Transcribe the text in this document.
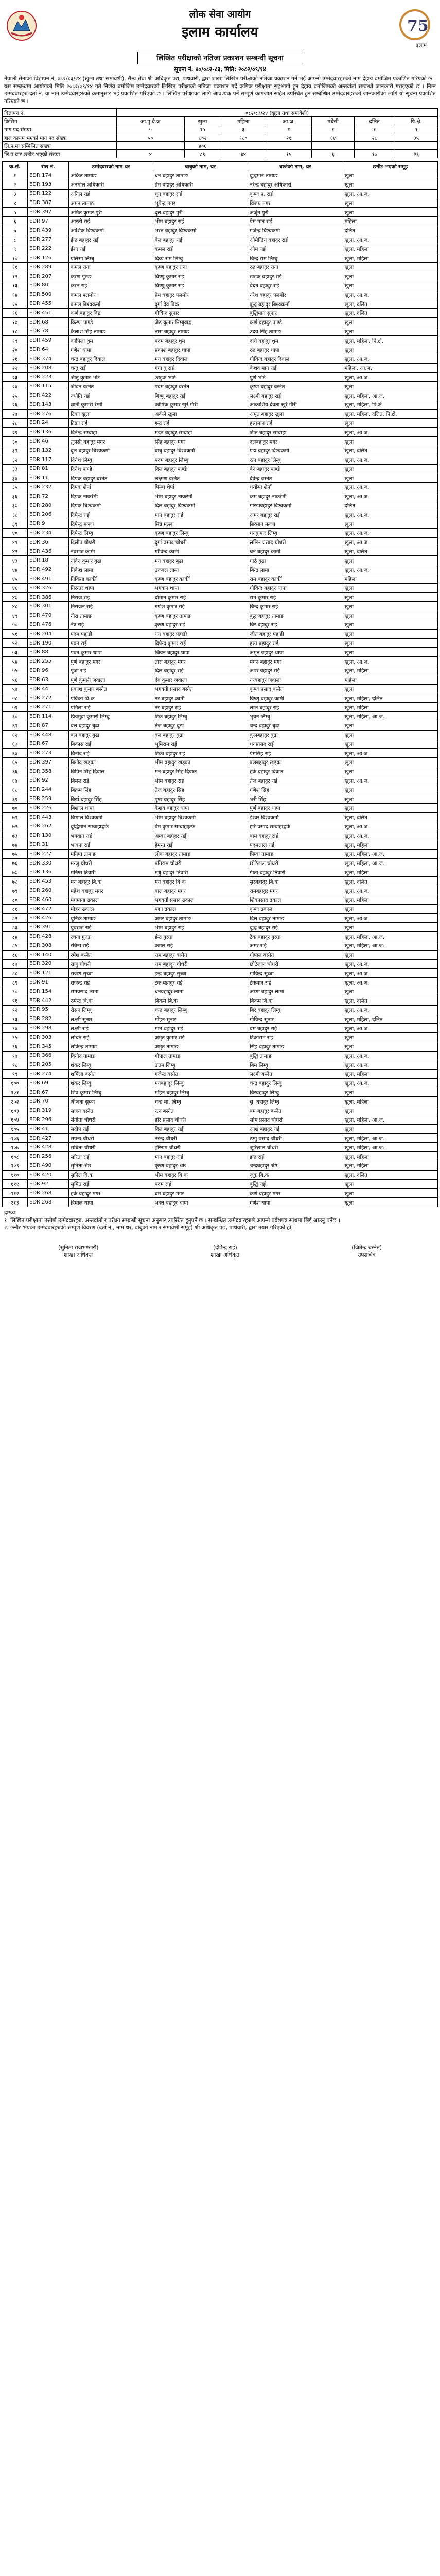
लोक सेवा आयोग
इलाम कार्यालय	75
इलाम
लिखित परीक्षाको नतिजा प्रकाशन सम्बन्धी सूचना
सूचना नं. ४०/०८२-८३, मिति: २०८२/०९/१४
नेपाली सेनाको विज्ञापन नं. ०८२/८३/२४ (खुला तथा समावेशी), सैन्य सेवा श्री अधिकृत पद्य, पाथवारी, द्वारा शाखा लिखित परीक्षाको नतिजा प्रकाशन गर्ने भई आफ्नो उम्मेदवारहरुको नाम देहाय बमोजिम प्रकाशित गरिएको छ । यस सम्बन्धमा आयोगको मिति २०८२/०९/१४ गते निर्णय बमोजिम उम्मेदवारको लिखित परीक्षाको नतिजा प्रकाशन गर्दै क्रमिक परीक्षामा सहभागी हुन देहाय बमोजिमको अन्तर्वार्ता सम्बन्धी जानकारी गराइएको छ । निम्न उम्मेदवारहरु दर्ता नं. वा नाम उम्मेदवारहरुको क्रमानुसार भई प्रकाशित गरिएको छ । लिखित परीक्षाका लागि आवश्यक पर्ने सम्पूर्ण कागजात सहित उपस्थित हुन सम्बन्धित उम्मेदवारहरुको जानकारीको लागि यो सूचना प्रकाशित गरिएको छ ।
विज्ञापन नं.	०८२/८३/२४ (खुला तथा समावेशी)						
किसिम	आ.पु.बै.ज	खुला	महिला	आ.ज.	मधेसी	दलित	पि.क्षे.
माग पद संख्या	५	१५	३	१	१	१	१
हाल कायम भएको माग पद संख्या	५०	८०२	१८०	२१	६४	२८	३५
लि.प.मा सम्मिलित संख्या		४०६					
लि.प.बाट छनौट भएको संख्या	४	८९	३४	१५	६	१०	२६
क्र.सं.	रोल नं.	उम्मेदवारको नाम थर	बाबुको नाम, थर	बाजेको नाम, थर	छनौट भएको समूह
१	EDR 174	अंकित तामाङ	धन बहादुर तामाङ	बुद्धमान तामाङ	खुला
२	EDR 193	अनमोल अधिकारी	प्रेम बहादुर अधिकारी	नरेन्द्र बहादुर अधिकारी	खुला
३	EDR 122	अनिल राई	चुन बहादुर राई	कृष्ण प्र. राई	खुला, आ.ज.
४	EDR 387	अमन तामाङ	भुपेन्द्र मगर	विजय मगर	खुला
५	EDR 397	अमित कुमार पुरी	दुल बहादुर पुरी	अर्जुन पुरी	खुला
६	EDR 97	आरती राई	भीम बहादुर राई	प्रेम मान राई	महिला
७	EDR 439	आशिक बिश्वकर्मा	भरत बहादुर बिश्वकर्मा	गजेन्द्र बिश्वकर्मा	दलित
८	EDR 277	ईन्द्र बहादुर राई	बेल बहादुर राई	ओमेन्द्रिय बहादुर राई	खुला, आ.ज.
९	EDR 222	ईशा राई	कमल राई	ओम राई	खुला, महिला
१०	EDR 126	एलिसा लिम्बु	दिव्य राम लिम्बु	बिन्द्र राम लिम्बु	खुला, महिला
११	EDR 289	कमल राना	कृष्ण बहादुर राना	रुद्र बहादुर राना	खुला
१२	EDR 207	करण गुरुङ	विष्णु कुमार राई	खडक बहादुर राई	खुला
१३	EDR 80	करन राई	विष्णु कुमार राई	बेदन बहादुर राई	खुला
१४	EDR 500	कमल फ्लमोर	प्रेम बहादुर फ्लमोर	नरेश बहादुर फ्लमोर	खुला, आ.ज.
१५	EDR 455	कमल बिश्वकर्मा	दुर्गा दैव बिक	बुद्ध बहादुर बिश्वकर्मा	खुला, दलित
१६	EDR 451	कर्ण बहादुर विष्ट	गोविन्द सुनार	बुद्धिमान सुनार	खुला, दलित
१७	EDR 68	किरण पाण्डे	जेठ कुमार निम्बुवाङ्ग	कर्ण बहादुर पाण्डे	खुला
१८	EDR 78	कैलाश सिंह तामाङ	तारा बहादुर तामाङ	उदय सिंह तामाङ	खुला
१९	EDR 459	कोपिला थुम	पदम बहादुर थुम	दधि बहादुर थुम	खुला, महिला, पि.क्षे.
२०	EDR 64	गणेश थापा	प्रकाश बहादुर थापा	रुद्र बहादुर थापा	खुला
२१	EDR 374	चन्द्र बहादुर दिवाल	मन बहादुर दिवाल	गोविन्द बहादुर दिवाल	खुला, आ.ज.
२२	EDR 208	चन्दु राई	गंगा बु राई	केशव मान राई	महिला, आ.ज.
२३	EDR 223	जीतु कुमार भोटे	छाडुक भोटे	पुर्णे भोटे	खुला, आ.ज.
२४	EDR 115	जीवन बस्नेत	पदम बहादुर बस्नेत	कृष्ण बहादुर बस्नेत	खुला
२५	EDR 422	ज्योति राई	बिष्णु बहादुर राई	लक्ष्मी बहादुर राई	खुला, महिला, आ.ज.
२६	EDR 143	ज्ञानी कुमारी रेग्मी	कोषिक कुमार खुर्रे गौरी	आकाशिय देवता खुर्रे गौरी	खुला, महिला, पि.क्षे.
२७	EDR 276	टिका खुला	अर्कले खुला	अमृत बहादुर खुला	खुला, महिला, दलित, पि.क्षे.
२८	EDR 24	टिका राई	इन्द्र राई	हस्तमान राई	खुला
२९	EDR 136	दिनेन्द्र सम्बाहा	मदन बहादुर सम्बाहा	जीत बहादुर सम्बाहा	खुला, आ.ज.
३०	EDR 46	तुलसी बहादुर मगर	सिंह बहादुर मगर	दलबहादुर मगर	खुला
३१	EDR 132	दुल बहादुर बिश्वकर्मा	बाबु बहादुर बिश्वकर्मा	पद्म बहादुर बिश्वकर्मा	खुला, दलित
३२	EDR 117	दिनेश लिम्बु	पदम बहादुर लिम्बु	रत्न बहादुर लिम्बु	खुला, आ.ज.
३३	EDR 81	दिनेश पाण्डे	दिल बहादुर पाण्डे	बैन बहादुर पाण्डे	खुला
३४	EDR 11	दिपक बहादुर बस्नेत	लक्ष्मण बस्नेत	देवेन्द्र बस्नेत	खुला
३५	EDR 232	दिपक शेर्पा	पिम्बा शेर्पा	धन्छेपा शेर्पा	खुला, आ.ज.
३६	EDR 72	दिपक नाकरेमी	भीम बहादुर नाकरेमी	कम बहादुर नाकरेमी	खुला, आ.ज.
३७	EDR 280	दिपक बिश्वकर्मा	दिल बहादुर बिश्वकर्मा	गोरखबहादुर बिश्वकर्मा	दलित
३८	EDR 206	दिपेन्द्र राई	मान बहादुर राई	अमर बहादुर राई	खुला, आ.ज.
३९	EDR 9	दिपेन्द्र मल्ला	मित्र मल्ला	बिरमान मल्ला	खुला
४०	EDR 234	दिपेन्द्र लिम्बु	कृष्ण बहादुर लिम्बु	धनकुमार लिम्बु	खुला, आ.ज.
४१	EDR 36	दिलीप चौधरी	दुर्गा प्रसाद चौधरी	ललिन प्रसाद चौधरी	खुला, आ.ज.
४२	EDR 436	नवराज कामी	गोविन्द कामी	धन बहादुर कामी	खुला, दलित
४३	EDR 18	नविन कुमार बुढा	मन बहादुर बुढा	गोठे बुढा	खुला
४४	EDR 492	निकेश लामा	उज्जल लामा	बिन्द्र लामा	खुला, आ.ज.
४५	EDR 491	निकिता कार्की	कृष्ण बहादुर कार्की	राम बहादुर कार्की	महिला
४६	EDR 326	निरन्तर थापा	भगवान थापा	गोविन्द बहादुर थापा	खुला
४७	EDR 386	निराज राई	दोमान कुमार राई	राम कुमार राई	खुला
४८	EDR 301	निराजन राई	गणेश कुमार राई	बिन्द्र कुमार राई	खुला
४९	EDR 470	नीरा तामाङ	कृष्ण बहादुर तामाङ	बुद्ध बहादुर तामाङ	खुला
५०	EDR 476	नेत्र राई	कृष्ण बहादुर राई	बिर बहादुर राई	खुला
५१	EDR 204	पदम पहाडी	धन बहादुर पहाडी	जीत बहादुर पहाडी	खुला
५२	EDR 190	पवन राई	दिपेन्द्र कुमार राई	हस्त बहादुर राई	खुला
५३	EDR 88	पवन कुमार थापा	जिवन बहादुर थापा	अमृत बहादुर थापा	खुला
५४	EDR 255	पुर्ण बहादुर मगर	तारा बहादुर मगर	मगन बहादुर मगर	खुला, आ.ज.
५५	EDR 96	पुजा राई	दिल बहादुर राई	अपर बहादुर राई	खुला, महिला
५६	EDR 63	पुर्ण कुमारी जवाला	देव कुमार जवाला	नरबहादुर जवाला	महिला
५७	EDR 44	प्रकाश कुमार बस्नेत	भगवती प्रसाद बस्नेत	कृष्ण प्रसाद बस्नेत	खुला
५८	EDR 272	प्रविका बि.क	नर बहादुर कामी	विष्णु बहादुर कामी	खुला, महिला, दलित
५९	EDR 271	प्रमिला राई	नर बहादुर राई	लाल बहादुर राई	खुला, महिला
६०	EDR 114	प्रियमुद्रा कुमारी लिम्बु	टिक बहादुर लिम्बु	भुवन लिम्बु	खुला, महिला, आ.ज.
६१	EDR 87	बल बहादुर बुढा	तेज बहादुर बुढा	चन्द्र बहादुर बुढा	खुला
६२	EDR 448	बल बहादुर बुढा	बल बहादुर बुढा	कुलबहादुर बुढा	खुला
६३	EDR 67	बिकास राई	भुमिराम राई	धनप्रसाद राई	खुला
६४	EDR 273	बिनोद राई	टिका बहादुर राई	प्रेमसिंह राई	खुला, आ.ज.
६५	EDR 397	बिनोद खड्का	भीम बहादुर खड्का	बलबहादुर खड्का	खुला
६६	EDR 358	बिपिन सिंह दिवाल	मन बहादुर सिंह दिवाल	हर्क बहादुर दिवाल	खुला
६७	EDR 92	बिमल राई	भीम बहादुर राई	तेज बहादुर राई	खुला, आ.ज.
६८	EDR 244	बिक्रम सिंह	तेज बहादुर सिंह	गणेश सिंह	खुला
६९	EDR 259	बिर्ख बहादुर सिंह	पुष्प बहादुर सिंह	भरी सिंह	खुला
७०	EDR 226	बिशाल थापा	केशव बहादुर थापा	पुर्ण बहादुर थापा	खुला
७१	EDR 443	बिशाल बिश्वकर्मा	भीम बहादुर बिश्वकर्मा	ईश्वर बिश्वकर्मा	खुला, दलित
७२	EDR 262	बुद्धिमान सम्बाहाङ्गफे	प्रेम कुमार सम्बाहाङ्गफे	हरि प्रसाद सम्बाहाङ्गफे	खुला, आ.ज.
७३	EDR 130	भगवान राई	अम्बर बहादुर राई	बाम बहादुर राई	खुला, आ.ज.
७४	EDR 31	भावना राई	हेमन्त राई	पदमलाल राई	खुला, महिला
७५	EDR 227	मनिषा तामाङ	लोक बहादुर तामाङ	पिम्बा तामाङ	खुला, महिला, आ.ज.
७६	EDR 330	मन्जु चौधरी	पतिराम चौधरी	छोटेलाल चौधरी	खुला, महिला, आ.ज.
७७	EDR 136	मनिषा तिवारी	मधु बहादुर तिवारी	गीता बहादुर तिवारी	खुला, महिला
७८	EDR 453	मन बहादुर बि.क	मन बहादुर बि.क	सुरबहादुर बि.क	खुला, दलित
७९	EDR 260	महेश बहादुर मगर	बाल बहादुर मगर	रामबहादुर मगर	खुला, आ.ज.
८०	EDR 460	मेघमाया ढकाल	भगवती प्रसाद ढकाल	शिवप्रसाद ढकाल	खुला, महिला
८१	EDR 472	मोहन ढकाल	पद्मा ढकाल	कृष्ण ढकाल	खुला
८२	EDR 426	युनिक तामाङ	अमर बहादुर तामाङ	दिल बहादुर तामाङ	खुला, आ.ज.
८३	EDR 391	युवराज राई	भीम बहादुर राई	बुद्ध बहादुर राई	खुला
८४	EDR 428	रचना गुरुङ	ईन्द्र गुरुङ	टेक बहादुर गुरुङ	खुला, महिला, आ.ज.
८५	EDR 308	रबिना राई	कमल राई	अमर राई	खुला, महिला, आ.ज.
८६	EDR 140	रमेश बस्नेत	राम बहादुर बस्नेत	गोपाल बस्नेत	खुला
८७	EDR 320	राजु चौधरी	राम बहादुर चौधरी	छोटेलाल चौधरी	खुला, आ.ज.
८८	EDR 121	राजेश सुब्बा	इन्द्र बहादुर सुब्बा	गोविन्द सुब्बा	खुला, आ.ज.
८९	EDR 91	राजेन्द्र राई	टेक बहादुर राई	टेकमान राई	खुला, आ.ज.
९०	EDR 154	रामप्रसाद लामा	धनबहादुर लामा	आशा बहादुर लामा	खुला
९१	EDR 442	रुपेन्द्र बि.क	बिकम बि.क	बिकम बि.क	खुला, दलित
९२	EDR 95	रोसन लिम्बु	चन्द्र बहादुर लिम्बु	बिर बहादुर लिम्बु	खुला, आ.ज.
९३	EDR 282	लक्ष्मी सुनार	मोहन सुनार	गोविन्द सुनार	खुला, महिला, दलित
९४	EDR 298	लक्ष्मी राई	मान बहादुर राई	बम बहादुर राई	खुला, आ.ज.
९५	EDR 303	लोचन राई	अमृत कुमार राई	टिकाराम राई	खुला
९६	EDR 345	लोकेन्द्र तामाङ	अमृत तामाङ	सिंह बहादुर तामाङ	खुला
९७	EDR 366	विनोद तामाङ	गोपाल तामाङ	बुद्धि तामाङ	खुला, आ.ज.
९८	EDR 205	शंकर लिम्बु	उत्तम लिम्बु	बिम लिम्बु	खुला, आ.ज.
९९	EDR 274	शर्मिला बस्नेत	गजेन्द्र बस्नेत	लक्ष्मी बस्नेत	खुला, महिला
१००	EDR 69	शंकर लिम्बु	मनबहादुर लिम्बु	चन्द्र बहादुर लिम्बु	खुला, आ.ज.
१०१	EDR 67	शिव कुमार लिम्बु	मोहन बहादुर लिम्बु	बिरबहादुर लिम्बु	खुला
१०२	EDR 70	श्रीजना सुब्बा	चन्द्र मा. लिम्बु	सु. बहादुर लिम्बु	खुला, महिला
१०३	EDR 319	संजय बस्नेत	रत्न बस्नेत	बम बहादुर बस्नेत	खुला
१०४	EDR 296	संगीता चौधरी	हरि प्रसाद चौधरी	सोम प्रसाद चौधरी	खुला, महिला, आ.ज.
१०५	EDR 41	संदीप राई	दिल बहादुर राई	आश बहादुर राई	खुला
१०६	EDR 427	सपना चौधरी	नरेन्द्र चौधरी	ठग्गु प्रसाद चौधरी	खुला, महिला, आ.ज.
१०७	EDR 428	सबिता चौधरी	हरिराम चौधरी	जुरिलाल चौधरी	खुला, महिला, आ.ज.
१०८	EDR 256	सरिता राई	मान बहादुर राई	इन्द्र राई	खुला, महिला
१०९	EDR 490	सुनिता श्रेष्ठ	कृष्ण बहादुर श्रेष्ठ	चन्द्रबहादुर श्रेष्ठ	खुला, महिला
११०	EDR 420	सुनिल बि.क	भीम बहादुर बि.क	जुकु बि.क	खुला, दलित
१११	EDR 92	सुमित राई	पदम राई	बुद्धि राई	खुला
११२	EDR 268	हर्क बहादुर मगर	बम बहादुर मगर	कर्ण बहादुर मगर	खुला
११३	EDR 268	हिमाल थापा	भक्त बहादुर थापा	गणेश थापा	खुला
द्रष्टव्य:
१. लिखित परीक्षामा उत्तीर्ण उम्मेदवारहरु, अन्तर्वार्ता र परीक्षा सम्बन्धी सूचना अनुसार उपस्थित हुनुपर्ने छ । सम्बन्धित उम्मेदवारहरुले आफ्नो प्रवेशपत्र साथमा लिई आउनु पर्नेछ ।
२. छनौट भएका उम्मेदवारहरुको सम्पूर्ण विवरण (दर्ता नं., नाम थर, बाबुको नाम र समावेशी समूह) श्री अधिकृत पद्य, पाथवारी, द्वारा तयार गरिएको हो ।
(सुनिता राजभण्डारी)
शाखा अधिकृत
(दीपेन्द्र राई)
शाखा अधिकृत
(जितेन्द्र बस्नेत)
उपसचिव
